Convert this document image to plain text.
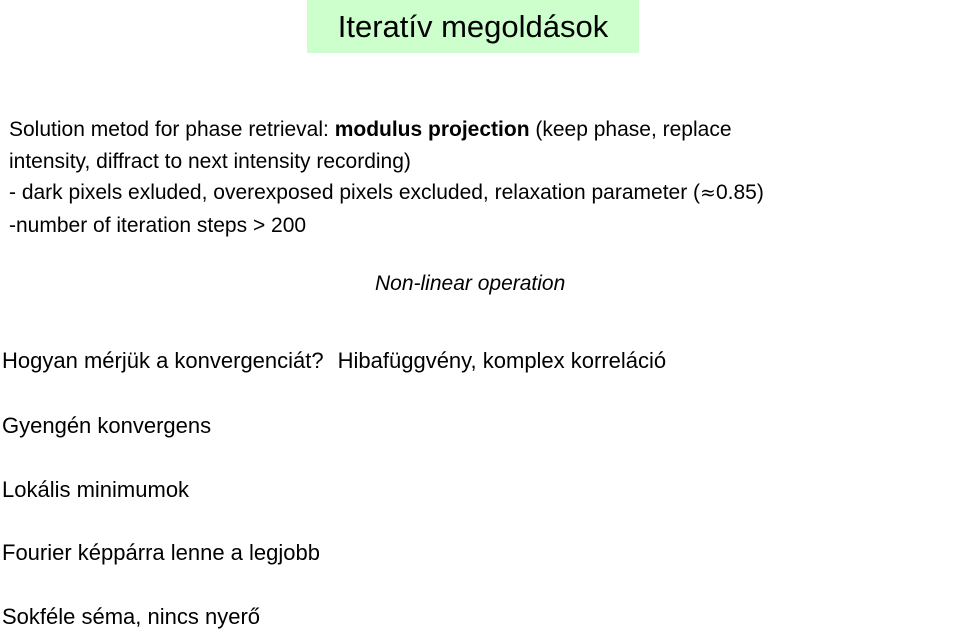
Iteratív megoldások
Solution metod for phase retrieval: modulus projection (keep phase, replace
intensity, diffract to next intensity recording)
- dark pixels exluded, overexposed pixels excluded, relaxation parameter (≈0.85)
-number of iteration steps > 200
Non-linear operation
Hogyan mérjük a konvergenciát? Hibafüggvény, komplex korreláció
Gyengén konvergens
Lokális minimumok
Fourier képpárra lenne a legjobb
Sokféle séma, nincs nyerő
